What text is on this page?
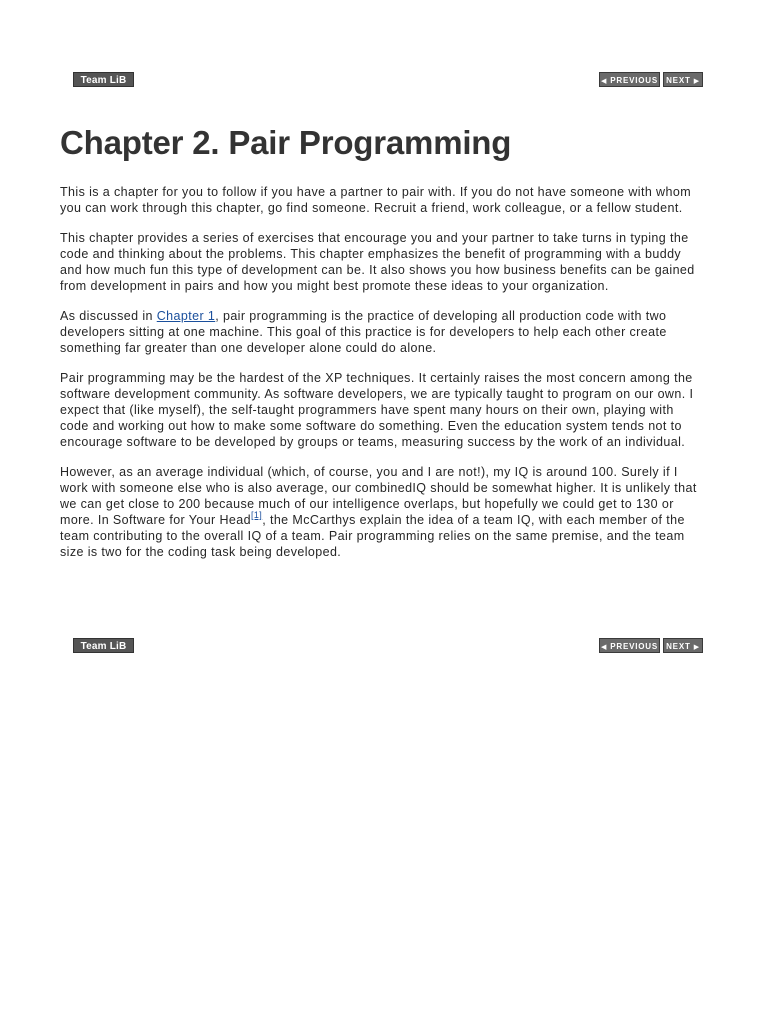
Team LiB	◀ PREVIOUS	NEXT ▶
Chapter 2. Pair Programming

This is a chapter for you to follow if you have a partner to pair with. If you do not have someone with whom you can work through this chapter, go find someone. Recruit a friend, work colleague, or a fellow student.

This chapter provides a series of exercises that encourage you and your partner to take turns in typing the code and thinking about the problems. This chapter emphasizes the benefit of programming with a buddy and how much fun this type of development can be. It also shows you how business benefits can be gained from development in pairs and how you might best promote these ideas to your organization.

As discussed in Chapter 1, pair programming is the practice of developing all production code with two developers sitting at one machine. This goal of this practice is for developers to help each other create something far greater than one developer alone could do alone.

Pair programming may be the hardest of the XP techniques. It certainly raises the most concern among the software development community. As software developers, we are typically taught to program on our own. I expect that (like myself), the self-taught programmers have spent many hours on their own, playing with code and working out how to make some software do something. Even the education system tends not to encourage software to be developed by groups or teams, measuring success by the work of an individual.

However, as an average individual (which, of course, you and I are not!), my IQ is around 100. Surely if I work with someone else who is also average, our combinedIQ should be somewhat higher. It is unlikely that we can get close to 200 because much of our intelligence overlaps, but hopefully we could get to 130 or more. In Software for Your Head[1], the McCarthys explain the idea of a team IQ, with each member of the team contributing to the overall IQ of a team. Pair programming relies on the same premise, and the team size is two for the coding task being developed.

Team LiB	◀ PREVIOUS	NEXT ▶
